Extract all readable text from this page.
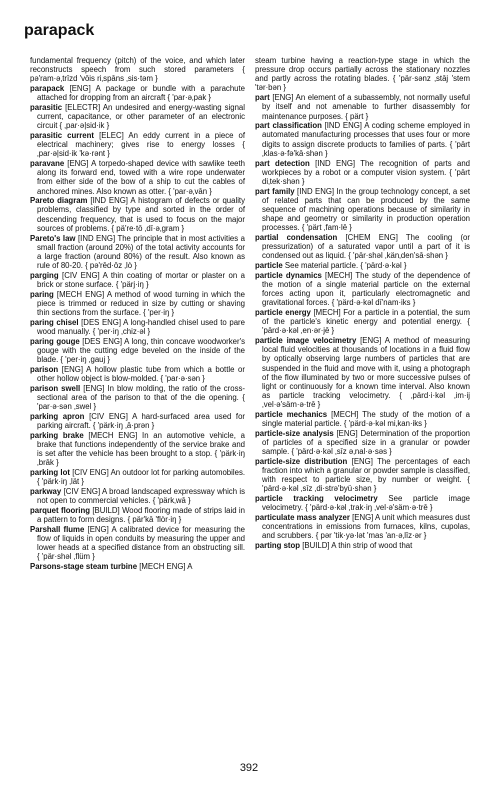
parapack

fundamental frequency (pitch) of the voice, and which later reconstructs speech from such stored parameters { pə'ram·ə‚trīzd 'vōis ri‚spāns ‚sis·təm }

parapack [ENG] A package or bundle with a parachute attached for dropping from an aircraft { 'par·ə‚pak }

parasitic [ELECTR] An undesired and energy-wasting signal current, capacitance, or other parameter of an electronic circuit { ‚par·ə|sid·ik }

parasitic current [ELEC] An eddy current in a piece of electrical machinery; gives rise to energy losses { ‚par·ə|sid·ik 'kə·rənt }

paravane [ENG] A torpedo-shaped device with sawlike teeth along its forward end, towed with a wire rope underwater from either side of the bow of a ship to cut the cables of anchored mines. Also known as otter. { 'par·ə‚vān }

Pareto diagram [IND ENG] A histogram of defects or quality problems, classified by type and sorted in the order of descending frequency, that is used to focus on the major sources of problems. { pä're·tō ‚dī·ə‚gram }

Pareto's law [IND ENG] The principle that in most activities a small fraction (around 20%) of the total activity accounts for a large fraction (around 80%) of the result. Also known as rule of 80-20. { pə'rēd·ōz ‚lò }

parging [CIV ENG] A thin coating of mortar or plaster on a brick or stone surface. { 'pärj·iŋ }

paring [MECH ENG] A method of wood turning in which the piece is trimmed or reduced in size by cutting or shaving thin sections from the surface. { 'per·iŋ }

paring chisel [DES ENG] A long-handled chisel used to pare wood manually. { 'per·iŋ ‚chiz·əl }

paring gouge [DES ENG] A long, thin concave woodworker's gouge with the cutting edge beveled on the inside of the blade. { 'per·iŋ ‚gauj }

parison [ENG] A hollow plastic tube from which a bottle or other hollow object is blow-molded. { 'par·ə·sən }

parison swell [ENG] In blow molding, the ratio of the cross-sectional area of the parison to that of the die opening. { 'par·ə·sən ‚swel }

parking apron [CIV ENG] A hard-surfaced area used for parking aircraft. { 'pärk·iŋ ‚ā·prən }

parking brake [MECH ENG] In an automotive vehicle, a brake that functions independently of the service brake and is set after the vehicle has been brought to a stop. { 'pärk·iŋ ‚brāk }

parking lot [CIV ENG] An outdoor lot for parking automobiles. { 'pärk·iŋ ‚lät }

parkway [CIV ENG] A broad landscaped expressway which is not open to commercial vehicles. { 'pärk‚wā }

parquet flooring [BUILD] Wood flooring made of strips laid in a pattern to form designs. { pär'kā 'flòr·iŋ }

Parshall flume [ENG] A calibrated device for measuring the flow of liquids in open conduits by measuring the upper and lower heads at a specified distance from an obstructing sill. { 'pär·shəl ‚flüm }

Parsons-stage steam turbine [MECH ENG] A

steam turbine having a reaction-type stage in which the pressure drop occurs partially across the stationary nozzles and partly across the rotating blades. { 'pär·sənz ‚stāj 'stem 'tər·bən }

part [ENG] An element of a subassembly, not normally useful by itself and not amenable to further disassembly for maintenance purposes. { pärt }

part classification [IND ENG] A coding scheme employed in automated manufacturing processes that uses four or more digits to assign discrete products to families of parts. { 'pärt ‚klas·ə·fə'kā·shən }

part detection [IND ENG] The recognition of parts and workpieces by a robot or a computer vision system. { 'pärt di‚tek·shən }

part family [IND ENG] In the group technology concept, a set of related parts that can be produced by the same sequence of machining operations because of similarity in shape and geometry or similarity in production operation processes. { 'pärt ‚fam·lē }

partial condensation [CHEM ENG] The cooling (or pressurization) of a saturated vapor until a part of it is condensed out as liquid. { 'pär·shəl ‚kän‚den'sā·shən }

particle See material particle. { 'pärd·ə·kəl }

particle dynamics [MECH] The study of the dependence of the motion of a single material particle on the external forces acting upon it, particularly electromagnetic and gravitational forces. { 'pärd·ə·kəl dī'nam·iks }

particle energy [MECH] For a particle in a potential, the sum of the particle's kinetic energy and potential energy. { 'pärd·ə·kəl ‚en·ər·jē }

particle image velocimetry [ENG] A method of measuring local fluid velocities at thousands of locations in a fluid flow by optically observing large numbers of particles that are suspended in the fluid and move with it, using a photograph of the flow illuminated by two or more successive pulses of light or continuously for a known time interval. Also known as particle tracking velocimetry. { ‚pärd·i·kəl ‚im·ij ‚vel·ə'säm·ə·trē }

particle mechanics [MECH] The study of the motion of a single material particle. { 'pärd·ə·kəl mi‚kan·iks }

particle-size analysis [ENG] Determination of the proportion of particles of a specified size in a granular or powder sample. { 'pärd·ə·kəl ‚sīz ə‚nal·ə·səs }

particle-size distribution [ENG] The percentages of each fraction into which a granular or powder sample is classified, with respect to particle size, by number or weight. { 'pärd·ə·kəl ‚sīz ‚di·strə'byü·shən }

particle tracking velocimetry See particle image velocimetry. { 'pärd·ə·kəl ‚trak·iŋ ‚vel·ə'säm·ə·trē }

particulate mass analyzer [ENG] A unit which measures dust concentrations in emissions from furnaces, kilns, cupolas, and scrubbers. { pər 'tik·yə·lət 'mas 'an·ə‚līz·ər }

parting stop [BUILD] A thin strip of wood that

392
